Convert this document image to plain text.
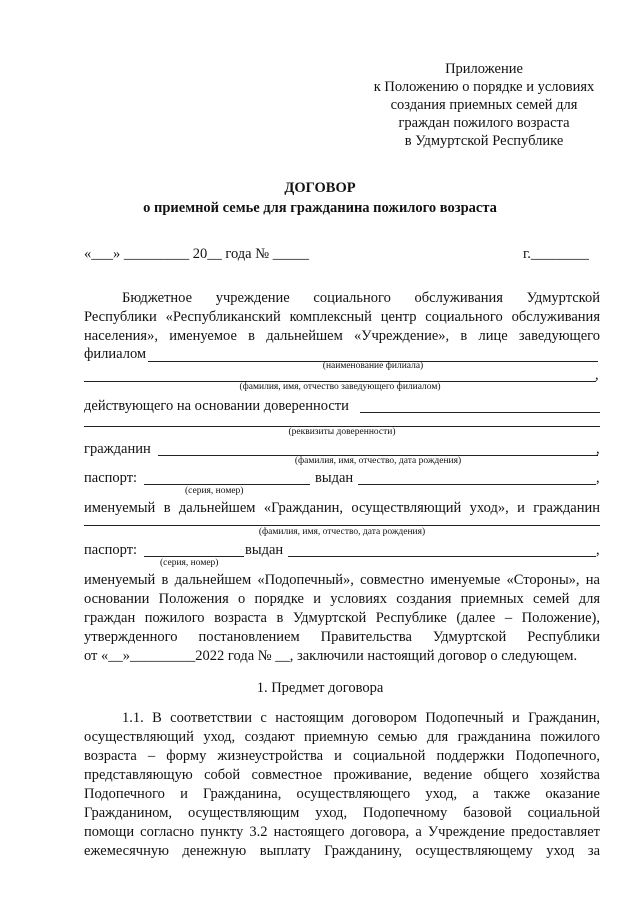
Приложение
к Положению о порядке и условиях
создания приемных семей для
граждан пожилого возраста
в Удмуртской Республике
ДОГОВОР
о приемной семье для гражданина пожилого возраста
«___» _________ 20__ года № _____	г.________
Бюджетное учреждение социального обслуживания Удмуртской
Республики «Республиканский комплексный центр социального обслуживания
населения», именуемое в дальнейшем «Учреждение», в лице заведующего
филиалом
(наименование филиала)
,
(фамилия, имя, отчество заведующего филиалом)
действующего на основании доверенности
(реквизиты доверенности)
гражданин	,
(фамилия, имя, отчество, дата рождения)
паспорт:	выдан	,
(серия, номер)
именуемый в дальнейшем «Гражданин, осуществляющий уход», и гражданин
(фамилия, имя, отчество, дата рождения)
паспорт:	выдан	,
(серия, номер)
именуемый в дальнейшем «Подопечный», совместно именуемые «Стороны», на
основании Положения о порядке и условиях создания приемных семей для
граждан пожилого возраста в Удмуртской Республике (далее – Положение),
утвержденного постановлением Правительства Удмуртской Республики
от «__»_________2022 года № __, заключили настоящий договор о следующем.
1. Предмет договора
1.1. В соответствии с настоящим договором Подопечный и Гражданин,
осуществляющий уход, создают приемную семью для гражданина пожилого
возраста – форму жизнеустройства и социальной поддержки Подопечного,
представляющую собой совместное проживание, ведение общего хозяйства
Подопечного и Гражданина, осуществляющего уход, а также оказание
Гражданином, осуществляющим уход, Подопечному базовой социальной
помощи согласно пункту 3.2 настоящего договора, а Учреждение предоставляет
ежемесячную денежную выплату Гражданину, осуществляющему уход за
